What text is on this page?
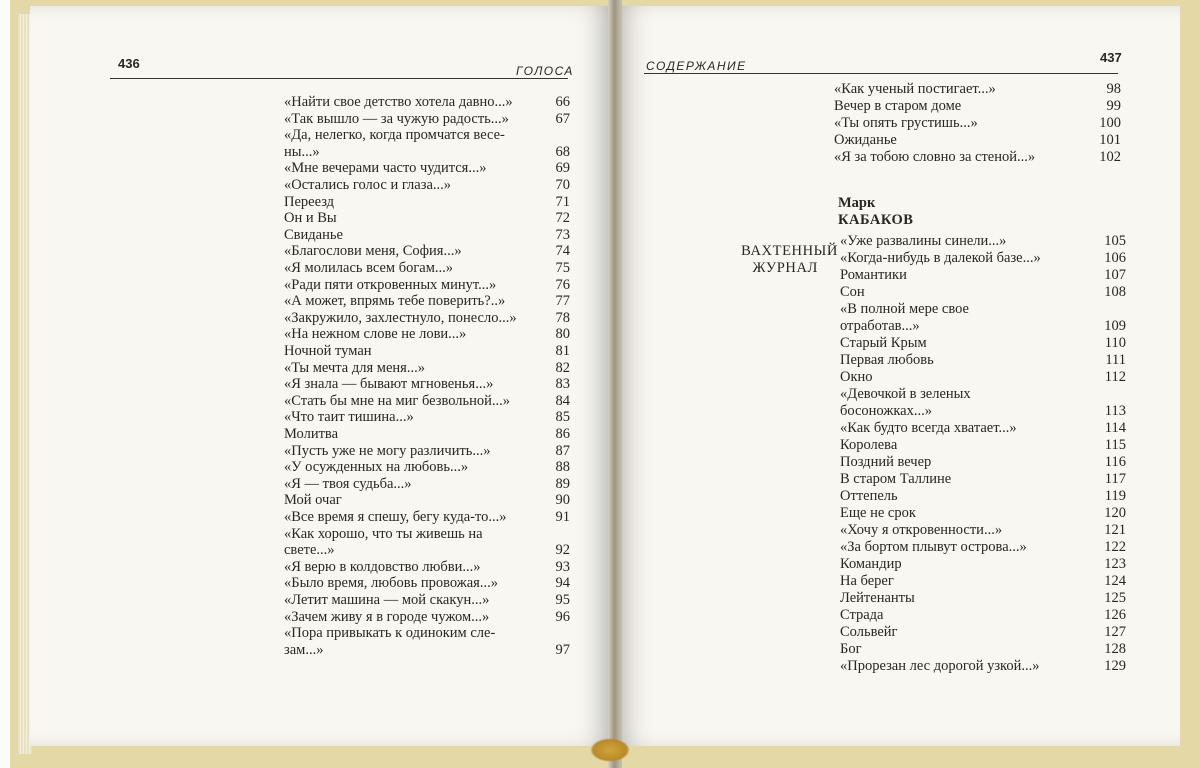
436	ГОЛОСА
«Найти свое детство хотела давно...»	66
«Так вышло — за чужую радость...»	67
«Да, нелегко, когда промчатся весе-
ны...»	68
«Мне вечерами часто чудится...»	69
«Остались голос и глаза...»	70
Переезд	71
Он и Вы	72
Свиданье	73
«Благослови меня, София...»	74
«Я молилась всем богам...»	75
«Ради пяти откровенных минут...»	76
«А может, впрямь тебе поверить?..»	77
«Закружило, захлестнуло, понесло...»	78
«На нежном слове не лови...»	80
Ночной туман	81
«Ты мечта для меня...»	82
«Я знала — бывают мгновенья...»	83
«Стать бы мне на миг безвольной...»	84
«Что таит тишина...»	85
Молитва	86
«Пусть уже не могу различить...»	87
«У осужденных на любовь...»	88
«Я — твоя судьба...»	89
Мой очаг	90
«Все время я спешу, бегу куда-то...»	91
«Как хорошо, что ты живешь на
свете...»	92
«Я верю в колдовство любви...»	93
«Было время, любовь провожая...»	94
«Летит машина — мой скакун...»	95
«Зачем живу я в городе чужом...»	96
«Пора привыкать к одиноким сле-
зам...»	97
СОДЕРЖАНИЕ
437
«Как ученый постигает...»	98
Вечер в старом доме	99
«Ты опять грустишь...»	100
Ожиданье	101
«Я за тобою словно за стеной...»	102
Марк
КАБАКОВ
ВАХТЕННЫЙ
ЖУРНАЛ
«Уже развалины синели...»	105
«Когда-нибудь в далекой базе...»	106
Романтики	107
Сон	108
«В полной мере свое
отработав...»	109
Старый Крым	110
Первая любовь	111
Окно	112
«Девочкой в зеленых
босоножках...»	113
«Как будто всегда хватает...»	114
Королева	115
Поздний вечер	116
В старом Таллине	117
Оттепель	119
Еще не срок	120
«Хочу я откровенности...»	121
«За бортом плывут острова...»	122
Командир	123
На берег	124
Лейтенанты	125
Страда	126
Сольвейг	127
Бог	128
«Прорезан лес дорогой узкой...»	129
